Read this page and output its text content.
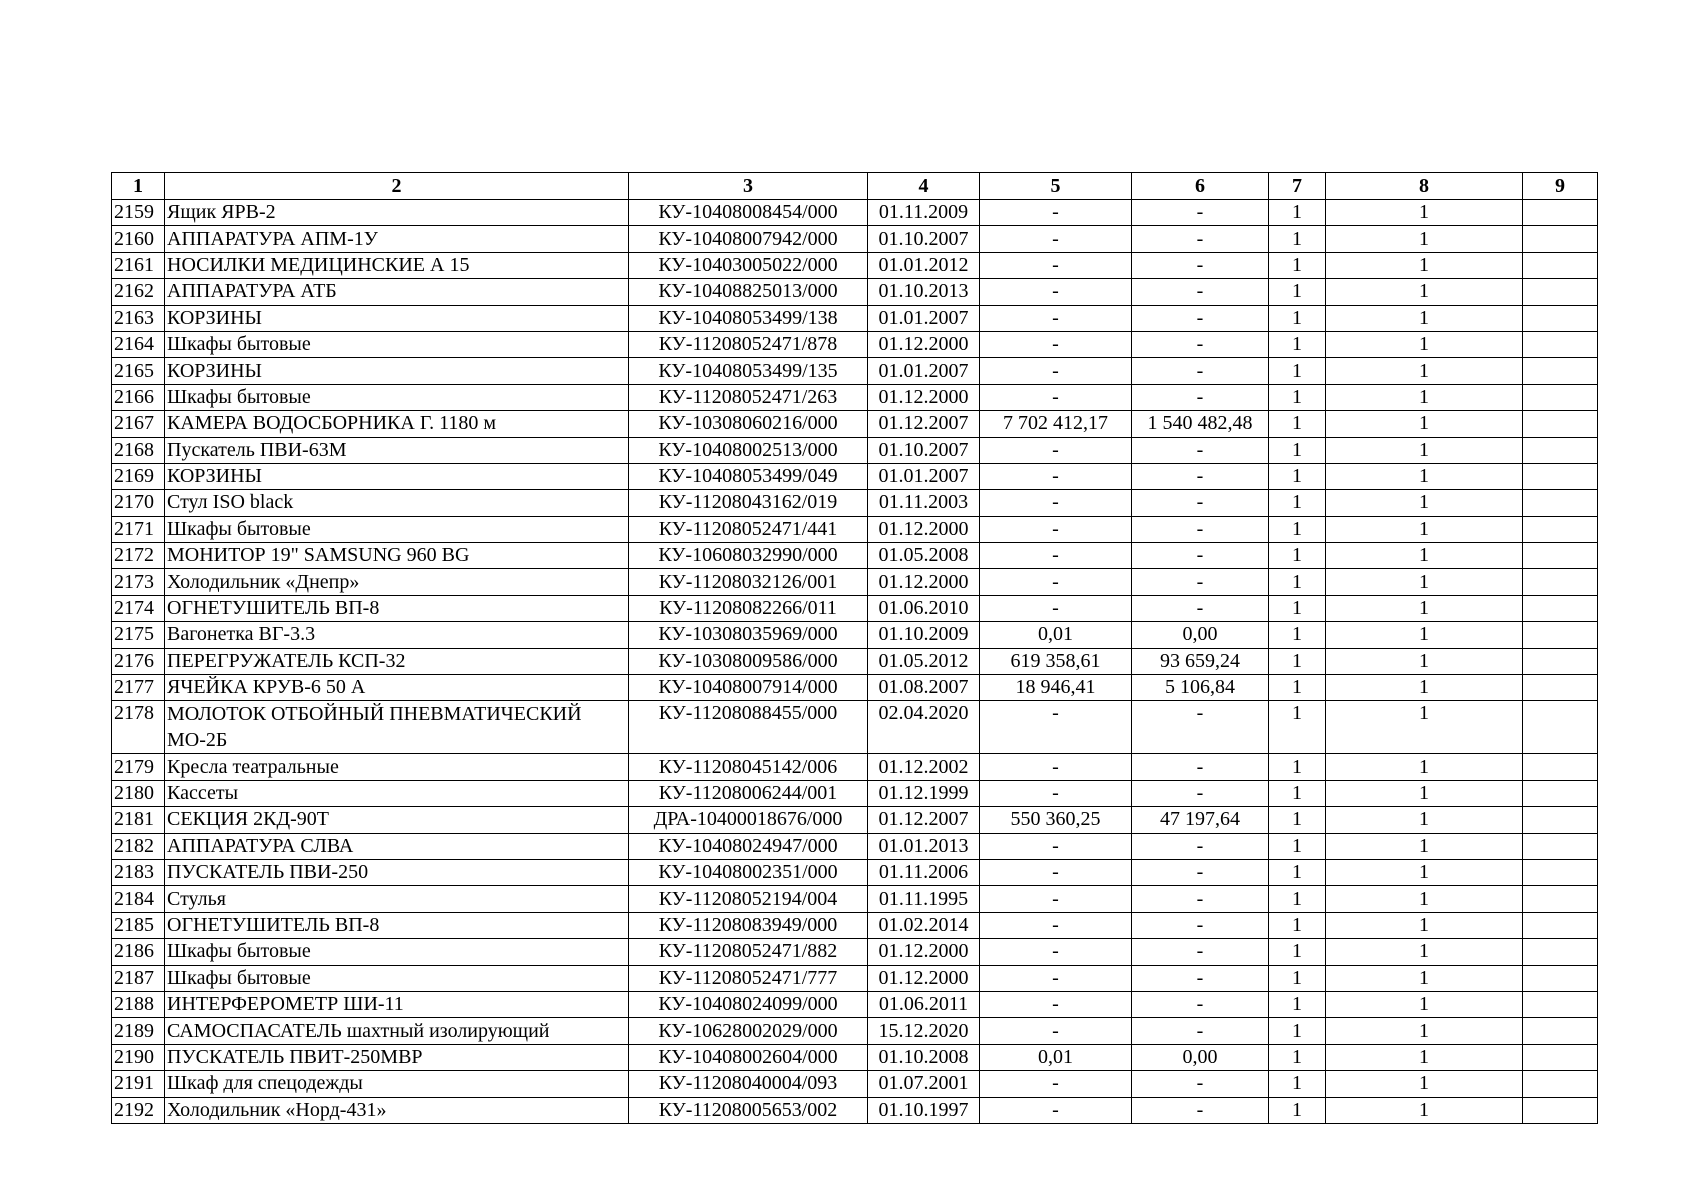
1	2	3	4	5	6	7	8	9
2159	Ящик ЯРВ-2	КУ-10408008454/000	01.11.2009	-	-	1	1	
2160	АППАРАТУРА АПМ-1У	КУ-10408007942/000	01.10.2007	-	-	1	1	
2161	НОСИЛКИ МЕДИЦИНСКИЕ А 15	КУ-10403005022/000	01.01.2012	-	-	1	1	
2162	АППАРАТУРА АТБ	КУ-10408825013/000	01.10.2013	-	-	1	1	
2163	КОРЗИНЫ	КУ-10408053499/138	01.01.2007	-	-	1	1	
2164	Шкафы бытовые	КУ-11208052471/878	01.12.2000	-	-	1	1	
2165	КОРЗИНЫ	КУ-10408053499/135	01.01.2007	-	-	1	1	
2166	Шкафы бытовые	КУ-11208052471/263	01.12.2000	-	-	1	1	
2167	КАМЕРА ВОДОСБОРНИКА Г. 1180 м	КУ-10308060216/000	01.12.2007	7 702 412,17	1 540 482,48	1	1	
2168	Пускатель ПВИ-63М	КУ-10408002513/000	01.10.2007	-	-	1	1	
2169	КОРЗИНЫ	КУ-10408053499/049	01.01.2007	-	-	1	1	
2170	Стул ISO black	КУ-11208043162/019	01.11.2003	-	-	1	1	
2171	Шкафы бытовые	КУ-11208052471/441	01.12.2000	-	-	1	1	
2172	МОНИТОР 19" SAMSUNG 960 BG	КУ-10608032990/000	01.05.2008	-	-	1	1	
2173	Холодильник «Днепр»	КУ-11208032126/001	01.12.2000	-	-	1	1	
2174	ОГНЕТУШИТЕЛЬ ВП-8	КУ-11208082266/011	01.06.2010	-	-	1	1	
2175	Вагонетка ВГ-3.3	КУ-10308035969/000	01.10.2009	0,01	0,00	1	1	
2176	ПЕРЕГРУЖАТЕЛЬ КСП-32	КУ-10308009586/000	01.05.2012	619 358,61	93 659,24	1	1	
2177	ЯЧЕЙКА КРУВ-6 50 А	КУ-10408007914/000	01.08.2007	18 946,41	5 106,84	1	1	
2178	МОЛОТОК ОТБОЙНЫЙ ПНЕВМАТИЧЕСКИЙ МО-2Б	КУ-11208088455/000	02.04.2020	-	-	1	1	
2179	Кресла театральные	КУ-11208045142/006	01.12.2002	-	-	1	1	
2180	Кассеты	КУ-11208006244/001	01.12.1999	-	-	1	1	
2181	СЕКЦИЯ 2КД-90Т	ДРА-10400018676/000	01.12.2007	550 360,25	47 197,64	1	1	
2182	АППАРАТУРА СЛВА	КУ-10408024947/000	01.01.2013	-	-	1	1	
2183	ПУСКАТЕЛЬ ПВИ-250	КУ-10408002351/000	01.11.2006	-	-	1	1	
2184	Стулья	КУ-11208052194/004	01.11.1995	-	-	1	1	
2185	ОГНЕТУШИТЕЛЬ ВП-8	КУ-11208083949/000	01.02.2014	-	-	1	1	
2186	Шкафы бытовые	КУ-11208052471/882	01.12.2000	-	-	1	1	
2187	Шкафы бытовые	КУ-11208052471/777	01.12.2000	-	-	1	1	
2188	ИНТЕРФЕРОМЕТР ШИ-11	КУ-10408024099/000	01.06.2011	-	-	1	1	
2189	САМОСПАСАТЕЛЬ шахтный изолирующий	КУ-10628002029/000	15.12.2020	-	-	1	1	
2190	ПУСКАТЕЛЬ ПВИТ-250МВР	КУ-10408002604/000	01.10.2008	0,01	0,00	1	1	
2191	Шкаф для спецодежды	КУ-11208040004/093	01.07.2001	-	-	1	1	
2192	Холодильник «Норд-431»	КУ-11208005653/002	01.10.1997	-	-	1	1	
